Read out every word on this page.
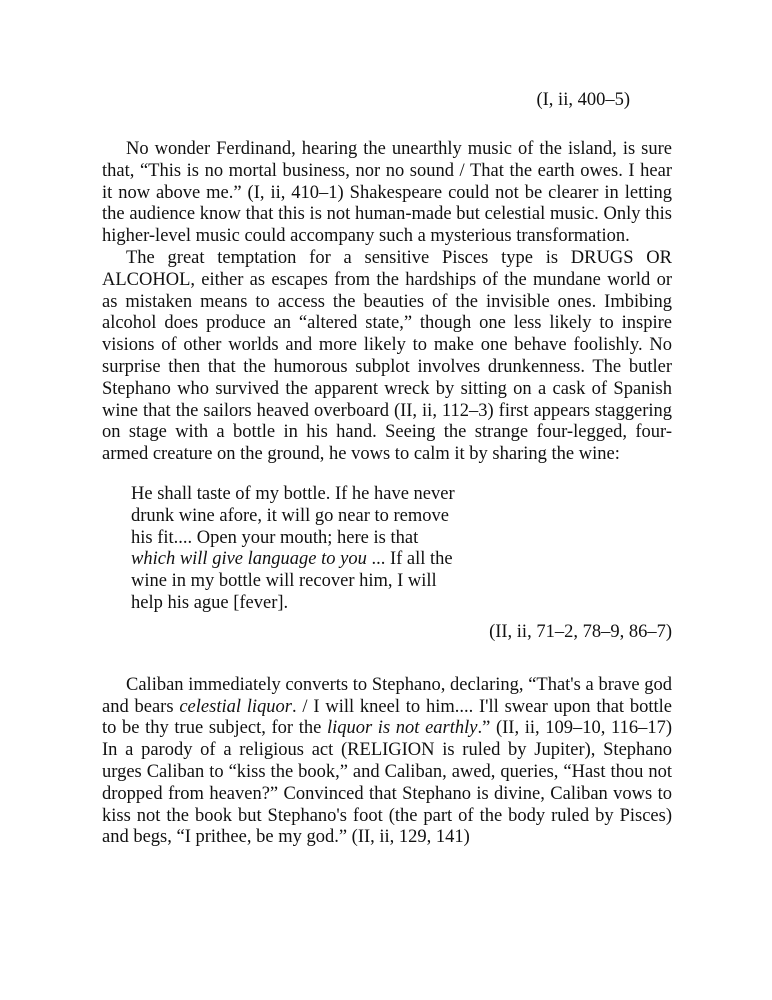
(I, ii, 400–5)

No wonder Ferdinand, hearing the unearthly music of the island, is sure that, “This is no mortal business, nor no sound / That the earth owes. I hear it now above me.” (I, ii, 410–1) Shakespeare could not be clearer in letting the audience know that this is not human-made but celestial music. Only this higher-level music could accompany such a mysterious transformation.

The great temptation for a sensitive Pisces type is DRUGS OR ALCOHOL, either as escapes from the hardships of the mundane world or as mistaken means to access the beauties of the invisible ones. Imbibing alcohol does produce an “altered state,” though one less likely to inspire visions of other worlds and more likely to make one behave foolishly. No surprise then that the humorous subplot involves drunkenness. The butler Stephano who survived the apparent wreck by sitting on a cask of Spanish wine that the sailors heaved overboard (II, ii, 112–3) first appears staggering on stage with a bottle in his hand. Seeing the strange four-legged, four-armed creature on the ground, he vows to calm it by sharing the wine:

He shall taste of my bottle. If he have never
drunk wine afore, it will go near to remove
his fit.... Open your mouth; here is that
which will give language to you ... If all the
wine in my bottle will recover him, I will
help his ague [fever].
(II, ii, 71–2, 78–9, 86–7)

Caliban immediately converts to Stephano, declaring, “That's a brave god and bears celestial liquor. / I will kneel to him.... I'll swear upon that bottle to be thy true subject, for the liquor is not earthly.” (II, ii, 109–10, 116–17) In a parody of a religious act (RELIGION is ruled by Jupiter), Stephano urges Caliban to “kiss the book,” and Caliban, awed, queries, “Hast thou not dropped from heaven?” Convinced that Stephano is divine, Caliban vows to kiss not the book but Stephano's foot (the part of the body ruled by Pisces) and begs, “I prithee, be my god.” (II, ii, 129, 141)
